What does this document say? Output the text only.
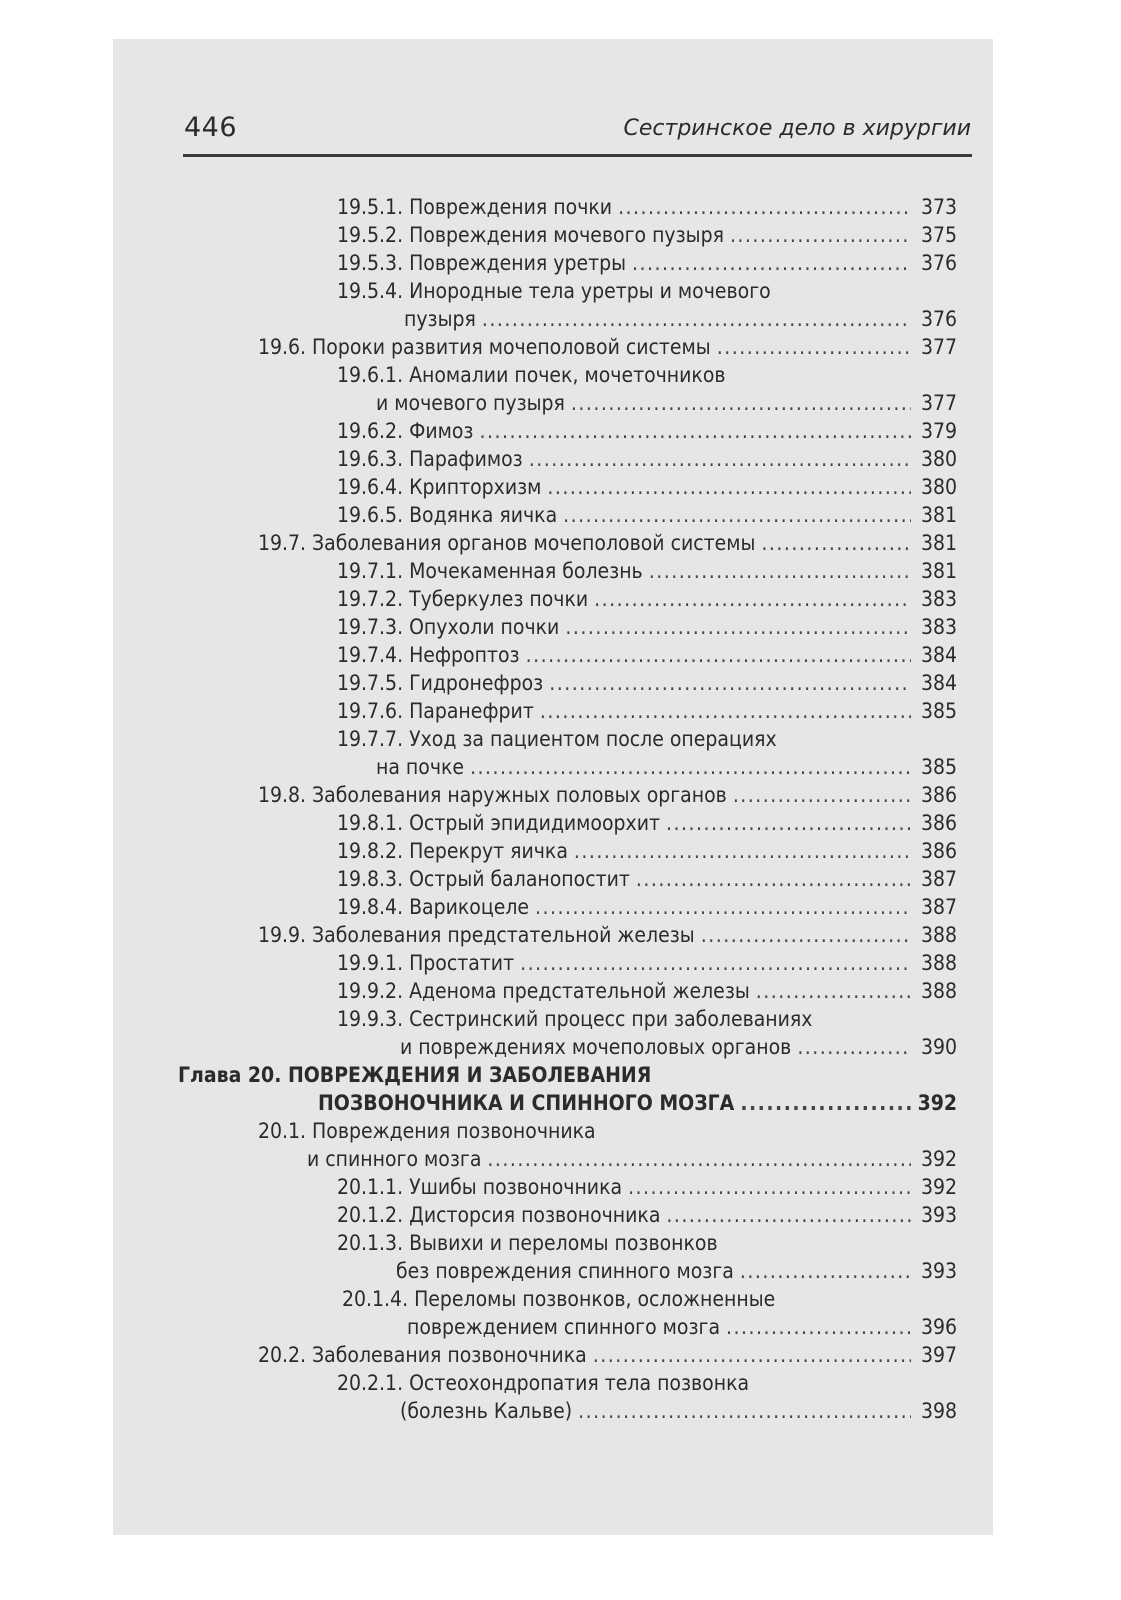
446	Сестринское дело в хирургии
19.5.1. Повреждения почки .....	373
19.5.2. Повреждения мочевого пузыря .....	375
19.5.3. Повреждения уретры .....	376
19.5.4. Инородные тела уретры и мочевого
пузыря .....	376
19.6. Пороки развития мочеполовой системы .....	377
19.6.1. Аномалии почек, мочеточников
и мочевого пузыря .....	377
19.6.2. Фимоз .....	379
19.6.3. Парафимоз .....	380
19.6.4. Крипторхизм .....	380
19.6.5. Водянка яичка .....	381
19.7. Заболевания органов мочеполовой системы .....	381
19.7.1. Мочекаменная болезнь .....	381
19.7.2. Туберкулез почки .....	383
19.7.3. Опухоли почки .....	383
19.7.4. Нефроптоз .....	384
19.7.5. Гидронефроз .....	384
19.7.6. Паранефрит .....	385
19.7.7. Уход за пациентом после операциях
на почке .....	385
19.8. Заболевания наружных половых органов .....	386
19.8.1. Острый эпидидимоорхит .....	386
19.8.2. Перекрут яичка .....	386
19.8.3. Острый баланопостит .....	387
19.8.4. Варикоцеле .....	387
19.9. Заболевания предстательной железы .....	388
19.9.1. Простатит .....	388
19.9.2. Аденома предстательной железы .....	388
19.9.3. Сестринский процесс при заболеваниях
и повреждениях мочеполовых органов .....	390
Глава 20. ПОВРЕЖДЕНИЯ И ЗАБОЛЕВАНИЯ
ПОЗВОНОЧНИКА И СПИННОГО МОЗГА .....	392
20.1. Повреждения позвоночника
и спинного мозга .....	392
20.1.1. Ушибы позвоночника .....	392
20.1.2. Дисторсия позвоночника .....	393
20.1.3. Вывихи и переломы позвонков
без повреждения спинного мозга .....	393
20.1.4. Переломы позвонков, осложненные
повреждением спинного мозга .....	396
20.2. Заболевания позвоночника .....	397
20.2.1. Остеохондропатия тела позвонка
(болезнь Кальве) .....	398
